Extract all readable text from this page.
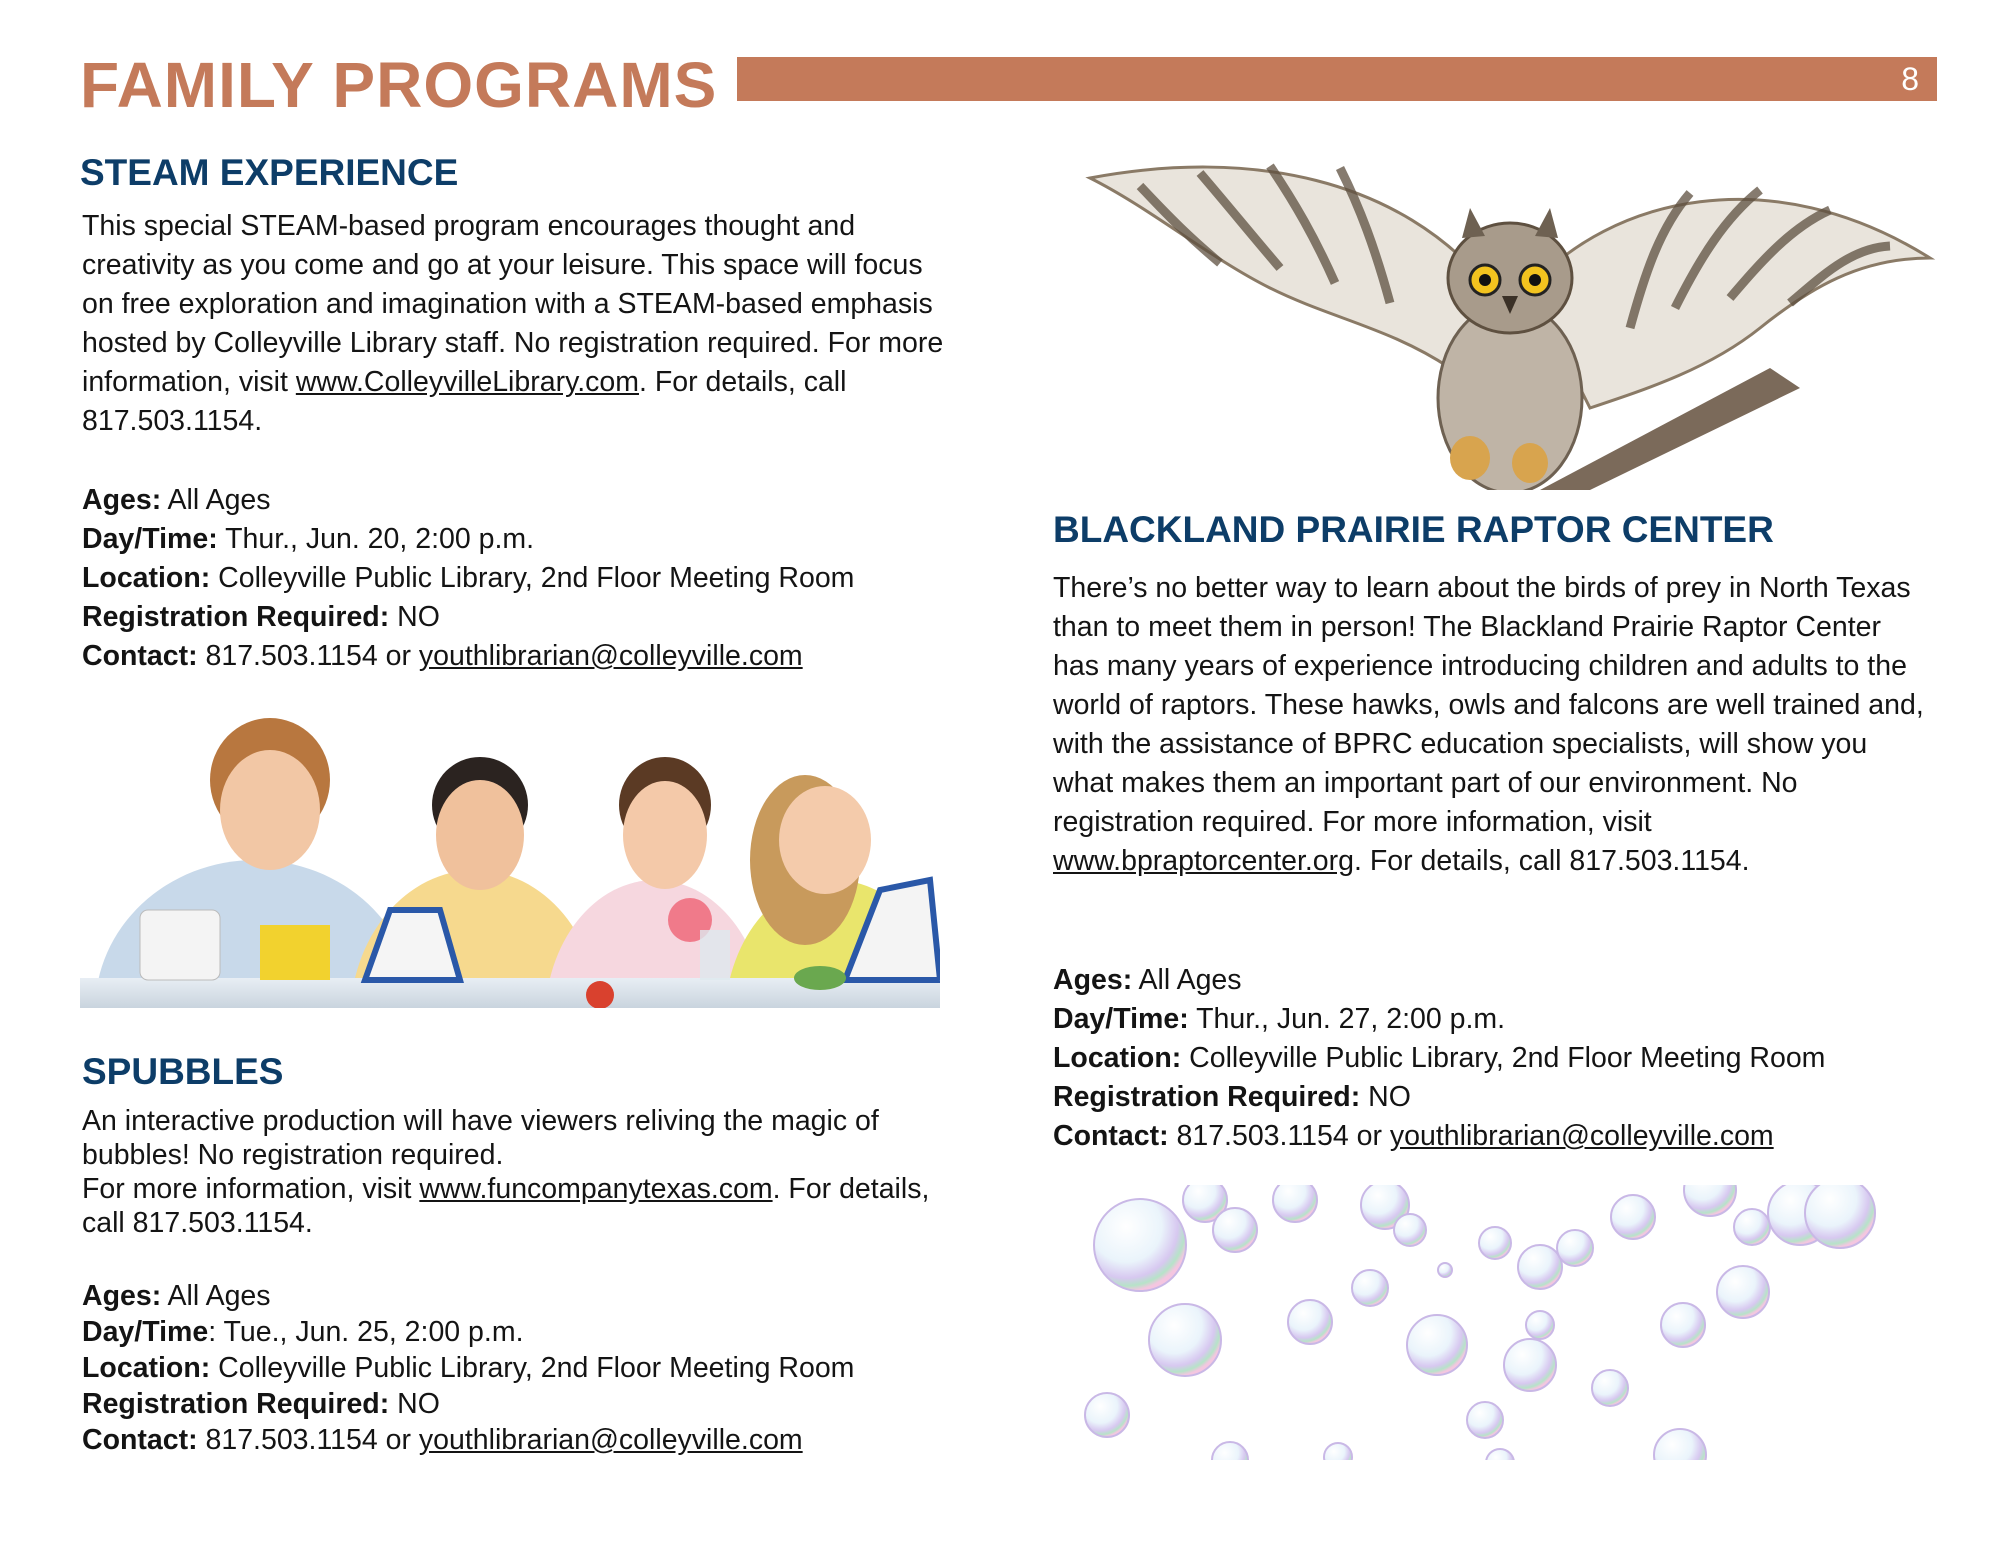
FAMILY PROGRAMS	8
STEAM EXPERIENCE

This special STEAM-based program encourages thought and creativity as you come and go at your leisure. This space will focus on free exploration and imagination with a STEAM-based emphasis hosted by Colleyville Library staff. No registration required. For more information, visit www.ColleyvilleLibrary.com. For details, call 817.503.1154.

Ages: All Ages

Day/Time: Thur., Jun. 20, 2:00 p.m.

Location: Colleyville Public Library, 2nd Floor Meeting Room

Registration Required: NO

Contact: 817.503.1154 or youthlibrarian@colleyville.com

SPUBBLES

An interactive production will have viewers reliving the magic of bubbles! No registration required.

For more information, visit www.funcompanytexas.com. For details, call 817.503.1154.

Ages: All Ages

Day/Time: Tue., Jun. 25, 2:00 p.m.

Location: Colleyville Public Library, 2nd Floor Meeting Room

Registration Required: NO

Contact: 817.503.1154 or youthlibrarian@colleyville.com

BLACKLAND PRAIRIE RAPTOR CENTER

There’s no better way to learn about the birds of prey in North Texas than to meet them in person! The Blackland Prairie Raptor Center has many years of experience introducing children and adults to the world of raptors. These hawks, owls and falcons are well trained and, with the assistance of BPRC education specialists, will show you what makes them an important part of our environment. No registration required. For more information, visit www.bpraptorcenter.org. For details, call 817.503.1154.

Ages: All Ages

Day/Time: Thur., Jun. 27, 2:00 p.m.

Location: Colleyville Public Library, 2nd Floor Meeting Room

Registration Required: NO

Contact: 817.503.1154 or youthlibrarian@colleyville.com
